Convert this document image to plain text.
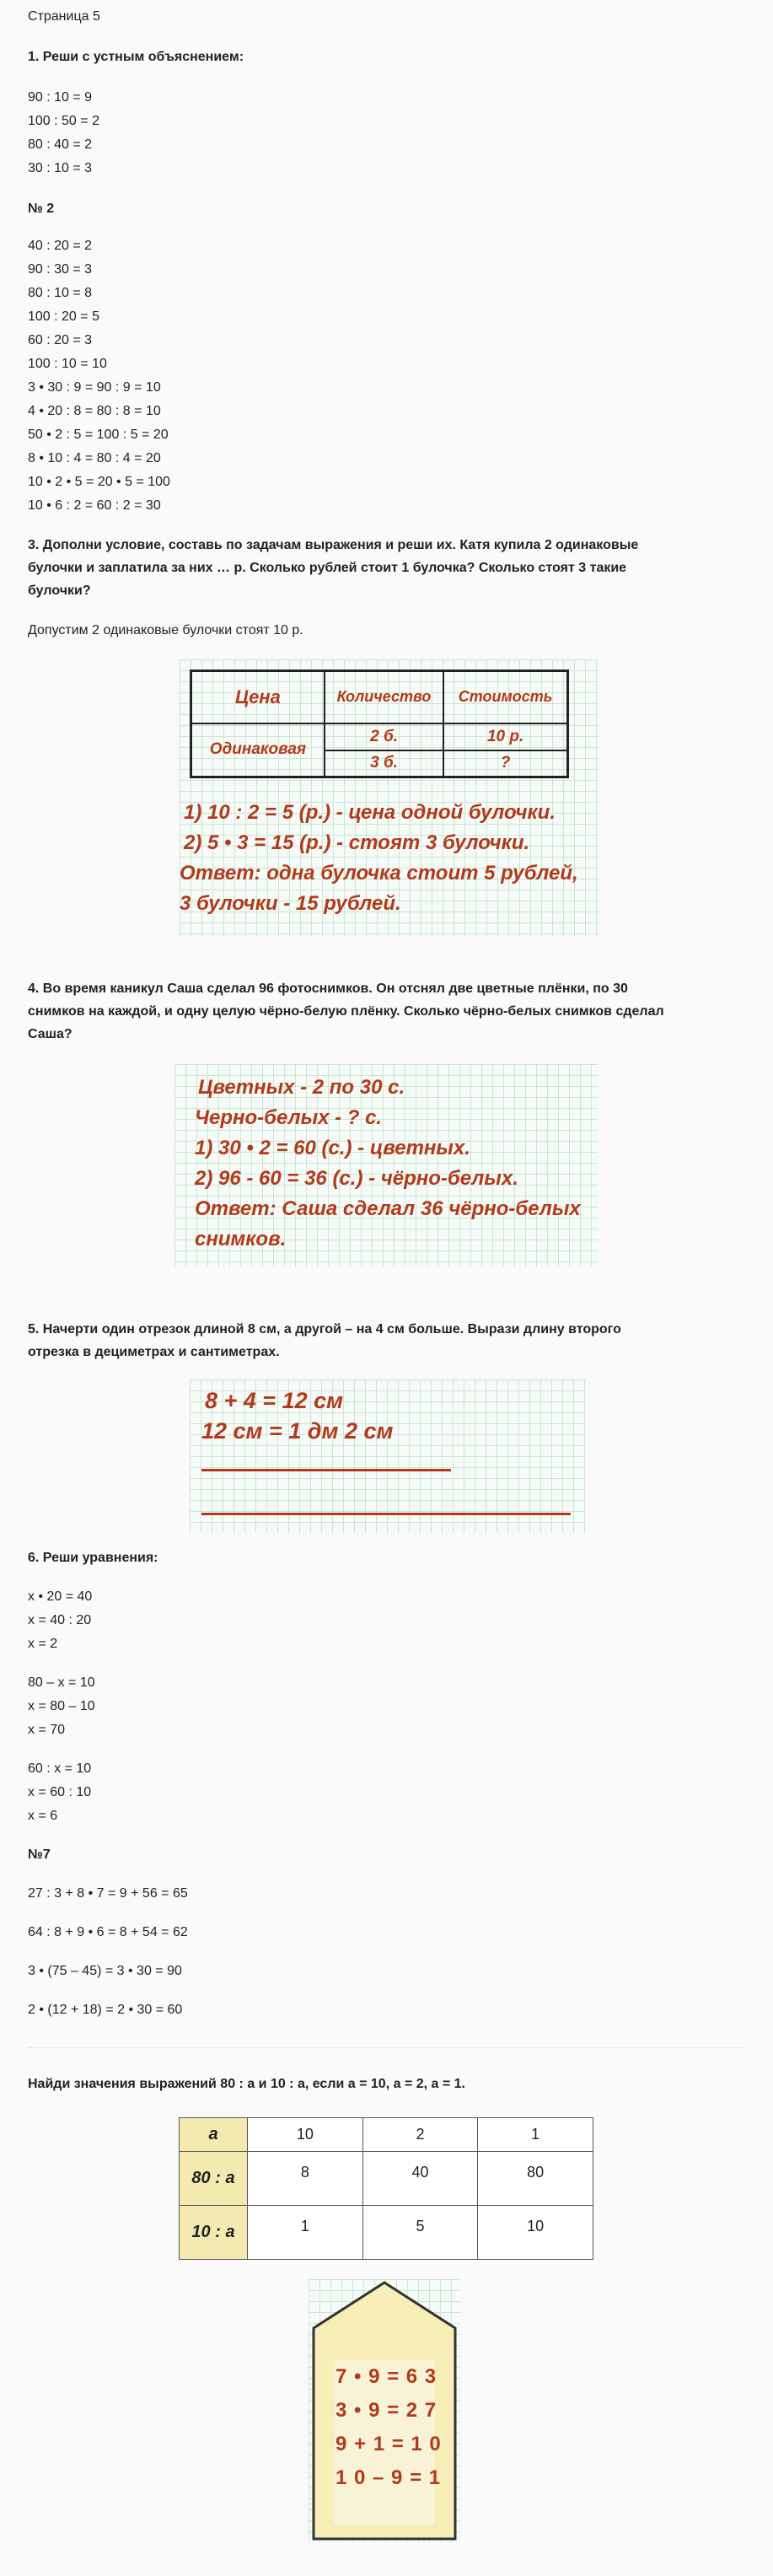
Страница 5
1. Реши с устным объяснением:
90 : 10 = 9
100 : 50 = 2
80 : 40 = 2
30 : 10 = 3
№ 2
40 : 20 = 2
90 : 30 = 3
80 : 10 = 8
100 : 20 = 5
60 : 20 = 3
100 : 10 = 10
3 • 30 : 9 = 90 : 9 = 10
4 • 20 : 8 = 80 : 8 = 10
50 • 2 : 5 = 100 : 5 = 20
8 • 10 : 4 = 80 : 4 = 20
10 • 2 • 5 = 20 • 5 = 100
10 • 6 : 2 = 60 : 2 = 30
3. Дополни условие, составь по задачам выражения и реши их. Катя купила 2 одинаковые
булочки и заплатила за них … р. Сколько рублей стоит 1 булочка? Сколько стоят 3 такие
булочки?
Допустим 2 одинаковые булочки стоят 10 р.
Цена	Количество	Стоимость
Одинаковая	2 б.	10 р.
	3 б.	?
1) 10 : 2 = 5 (р.) - цена одной булочки.
2) 5 • 3 = 15 (р.) - стоят 3 булочки.
Ответ: одна булочка стоит 5 рублей,
3 булочки - 15 рублей.
4. Во время каникул Саша сделал 96 фотоснимков. Он отснял две цветные плёнки, по 30
снимков на каждой, и одну целую чёрно-белую плёнку. Сколько чёрно-белых снимков сделал
Саша?
Цветных - 2 по 30 с.
Черно-белых - ? с.
1) 30 • 2 = 60 (с.) - цветных.
2) 96 - 60 = 36 (с.) - чёрно-белых.
Ответ: Саша сделал 36 чёрно-белых
снимков.
5. Начерти один отрезок длиной 8 см, а другой – на 4 см больше. Вырази длину второго
отрезка в дециметрах и сантиметрах.
8 + 4 = 12 см
12 см = 1 дм 2 см
6. Реши уравнения:
x • 20 = 40
x = 40 : 20
x = 2
80 – x = 10
x = 80 – 10
x = 70
60 : x = 10
x = 60 : 10
x = 6
№7
27 : 3 + 8 • 7 = 9 + 56 = 65
64 : 8 + 9 • 6 = 8 + 54 = 62
3 • (75 – 45) = 3 • 30 = 90
2 • (12 + 18) = 2 • 30 = 60
Найди значения выражений 80 : а и 10 : а, если а = 10, а = 2, а = 1.
а	10	2	1
80 : а	8	40	80
10 : а	1	5	10
7 • 9 = 6 3
3 • 9 = 2 7
9 + 1 = 1 0
1 0 – 9 = 1
